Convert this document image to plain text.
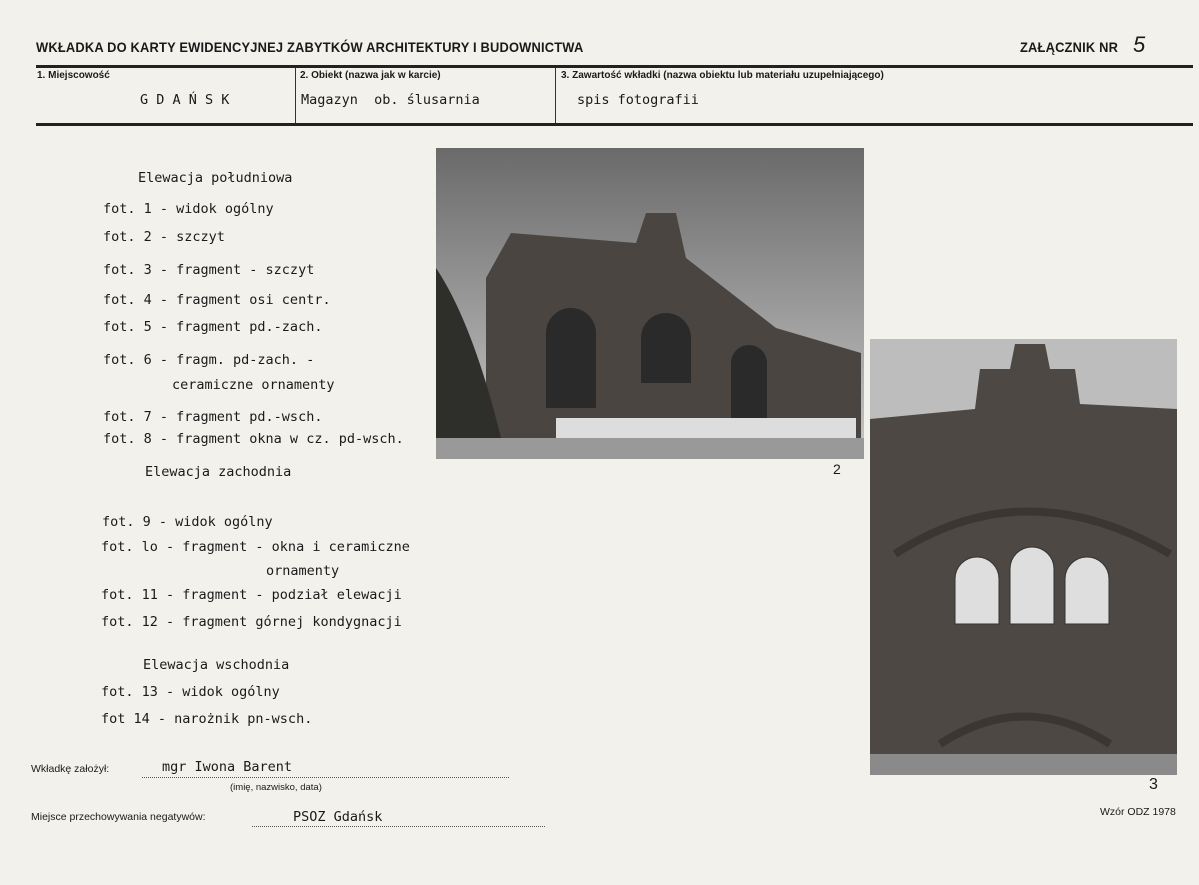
WKŁADKA DO KARTY EWIDENCYJNEJ ZABYTKÓW ARCHITEKTURY I BUDOWNICTWA	ZAŁĄCZNIK NR 5
1. Miejscowość
G D A Ń S K
2. Obiekt (nazwa jak w karcie)
Magazyn  ob. ślusarnia
3. Zawartość wkładki (nazwa obiektu lub materiału uzupełniającego)
spis fotografii
Elewacja południowa
fot. 1 - widok ogólny
fot. 2 - szczyt
fot. 3 - fragment - szczyt
fot. 4 - fragment osi centr.
fot. 5 - fragment pd.-zach.
fot. 6 - fragm. pd-zach. -
ceramiczne ornamenty
fot. 7 - fragment pd.-wsch.
fot. 8 - fragment okna w cz. pd-wsch.
Elewacja zachodnia
fot. 9 - widok ogólny
fot. lo - fragment - okna i ceramiczne
ornamenty
fot. 11 - fragment - podział elewacji
fot. 12 - fragment górnej kondygnacji
Elewacja wschodnia
fot. 13 - widok ogólny
fot 14 - narożnik pn-wsch.
2
3
Wkładkę założył:	mgr Iwona Barent
(imię, nazwisko, data)
Miejsce przechowywania negatywów:	PSOZ Gdańsk	Wzór ODZ 1978
